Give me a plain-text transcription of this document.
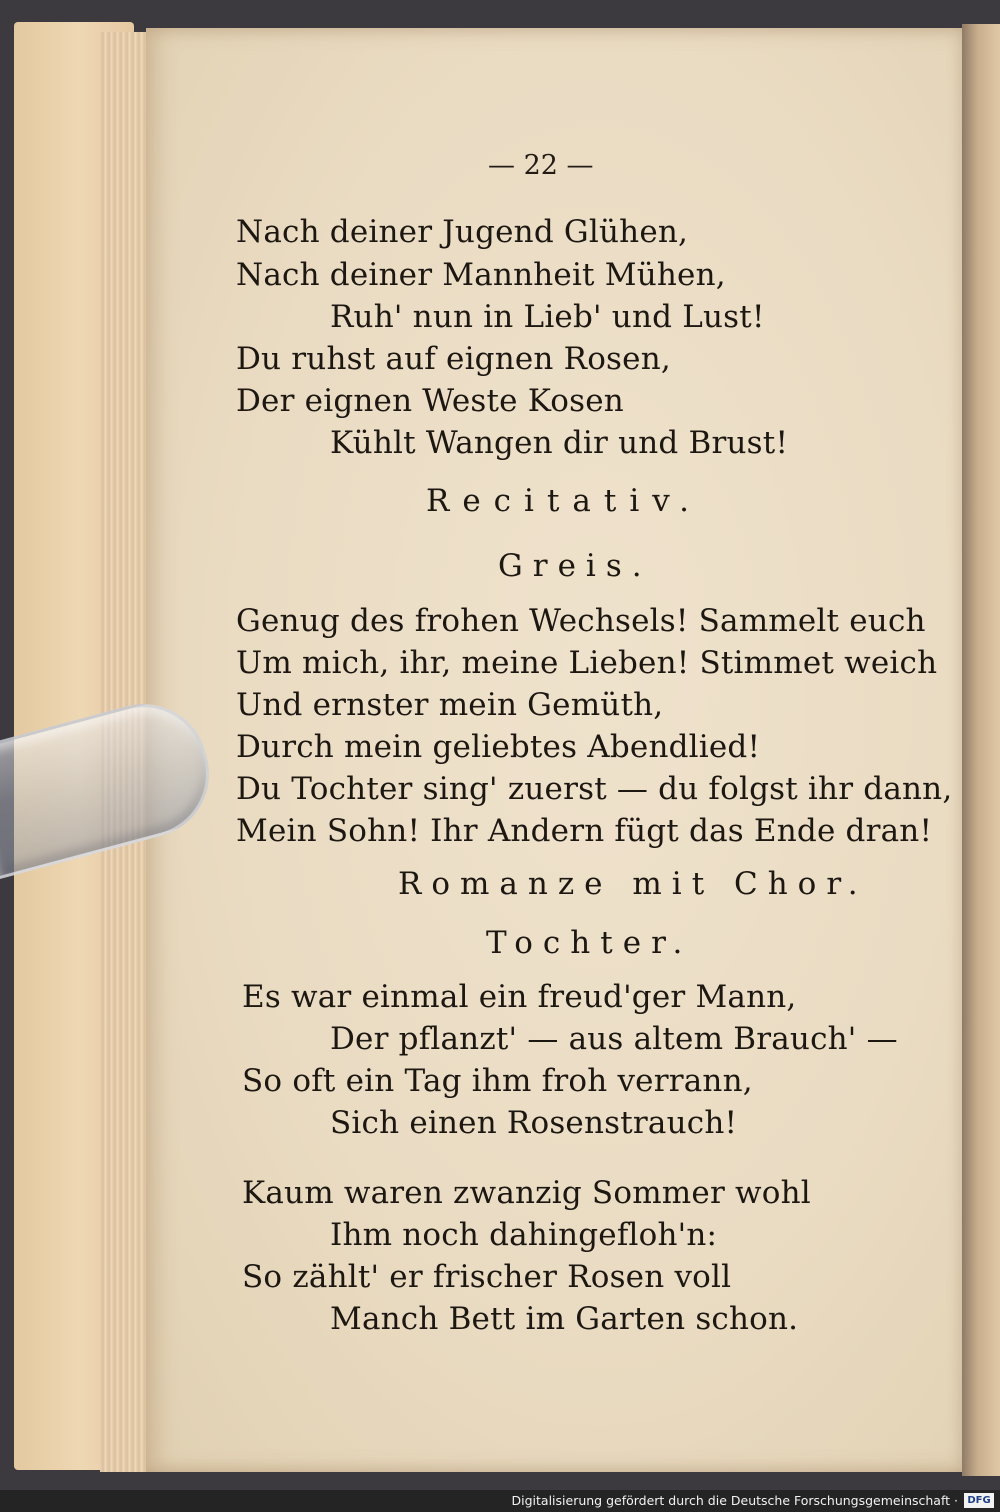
— 22 —
Nach deiner Jugend Glühen,
Nach deiner Mannheit Mühen,
Ruh' nun in Lieb' und Lust!
Du ruhst auf eignen Rosen,
Der eignen Weste Kosen
Kühlt Wangen dir und Brust!
Recitativ.
Greis.
Genug des frohen Wechsels! Sammelt euch
Um mich, ihr, meine Lieben! Stimmet weich
Und ernster mein Gemüth,
Durch mein geliebtes Abendlied!
Du Tochter sing' zuerst — du folgst ihr dann,
Mein Sohn! Ihr Andern fügt das Ende dran!
Romanze mit Chor.
Tochter.
Es war einmal ein freud'ger Mann,
Der pflanzt' — aus altem Brauch' —
So oft ein Tag ihm froh verrann,
Sich einen Rosenstrauch!
Kaum waren zwanzig Sommer wohl
Ihm noch dahingefloh'n:
So zählt' er frischer Rosen voll
Manch Bett im Garten schon.
Digitalisierung gefördert durch die Deutsche Forschungsgemeinschaft · DFG
